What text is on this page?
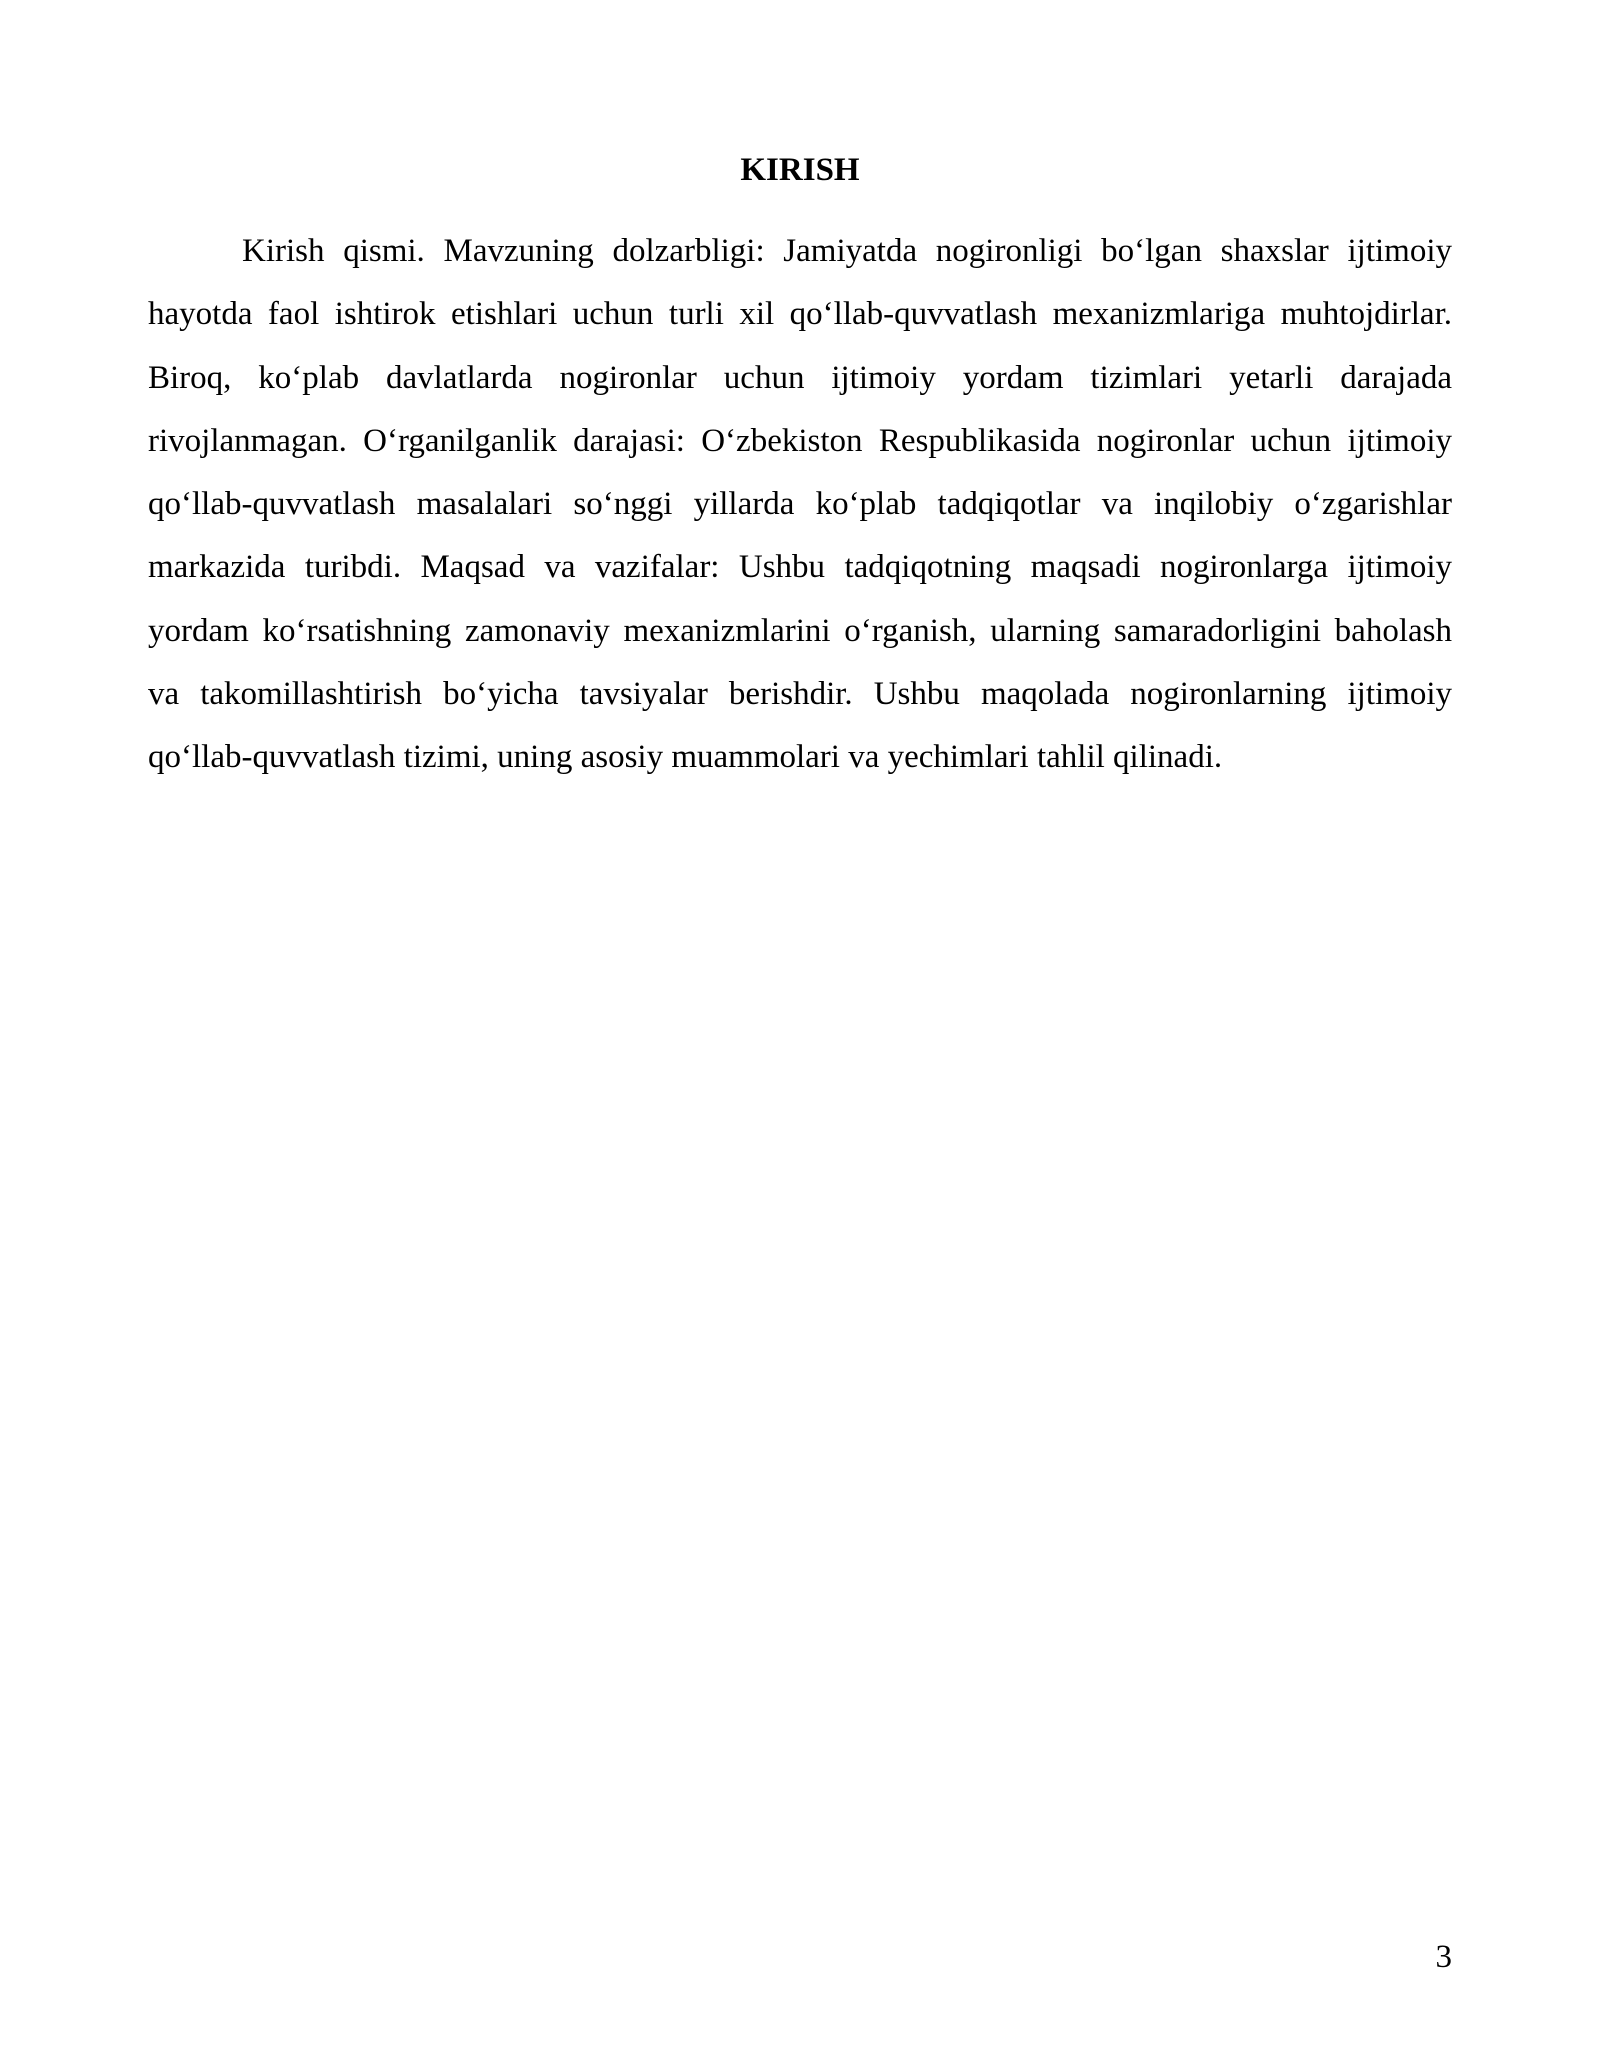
KIRISH

Kirish qismi. Mavzuning dolzarbligi: Jamiyatda nogironligi bo‘lgan shaxslar ijtimoiy hayotda faol ishtirok etishlari uchun turli xil qo‘llab-quvvatlash mexanizmlariga muhtojdirlar. Biroq, ko‘plab davlatlarda nogironlar uchun ijtimoiy yordam tizimlari yetarli darajada rivojlanmagan. O‘rganilganlik darajasi: O‘zbekiston Respublikasida nogironlar uchun ijtimoiy qo‘llab-quvvatlash masalalari so‘nggi yillarda ko‘plab tadqiqotlar va inqilobiy o‘zgarishlar markazida turibdi. Maqsad va vazifalar: Ushbu tadqiqotning maqsadi nogironlarga ijtimoiy yordam ko‘rsatishning zamonaviy mexanizmlarini o‘rganish, ularning samaradorligini baholash va takomillashtirish bo‘yicha tavsiyalar berishdir. Ushbu maqolada nogironlarning ijtimoiy qo‘llab-quvvatlash tizimi, uning asosiy muammolari va yechimlari tahlil qilinadi.

3
